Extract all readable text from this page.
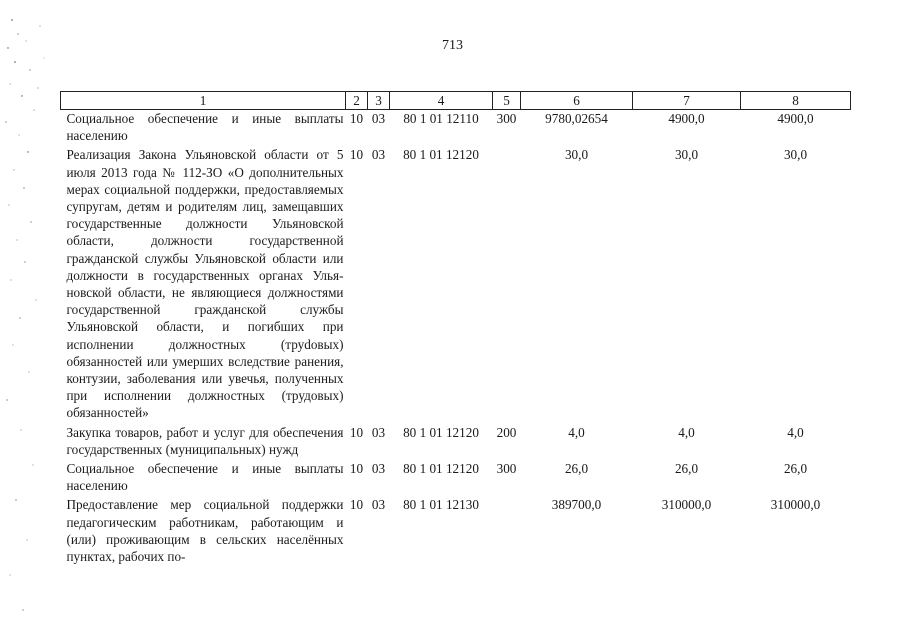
713
1	2	3	4	5	6	7	8
Социальное обеспечение и иные выплаты населению	10	03	80 1 01 12110	300	9780,02654	4900,0	4900,0
Реализация Закона Ульяновской области от 5 июля 2013 года № 112-ЗО «О дополнительных мерах социальной поддержки, предоставляемых супругам, детям и родителям лиц, замещавших государственные должности Ульяновской области, должности государственной гражданской службы Ульяновской области или должности в государственных органах Ульяновской области, не являющиеся должностями государственной гражданской службы Ульяновской области, и погибших при исполнении должностных (труdовых) обязанностей или умерших вследствие ранения, контузии, заболевания или увечья, полученных при исполнении должностных (трудовых) обязанностей»	10	03	80 1 01 12120		30,0	30,0	30,0
Закупка товаров, работ и услуг для обеспечения государственных (муниципальных) нужд	10	03	80 1 01 12120	200	4,0	4,0	4,0
Социальное обеспечение и иные выплаты населению	10	03	80 1 01 12120	300	26,0	26,0	26,0
Предоставление мер социальной поддержки педагогическим работникам, работающим и (или) проживающим в сельских населённых пунктах, рабочих по-	10	03	80 1 01 12130		389700,0	310000,0	310000,0
